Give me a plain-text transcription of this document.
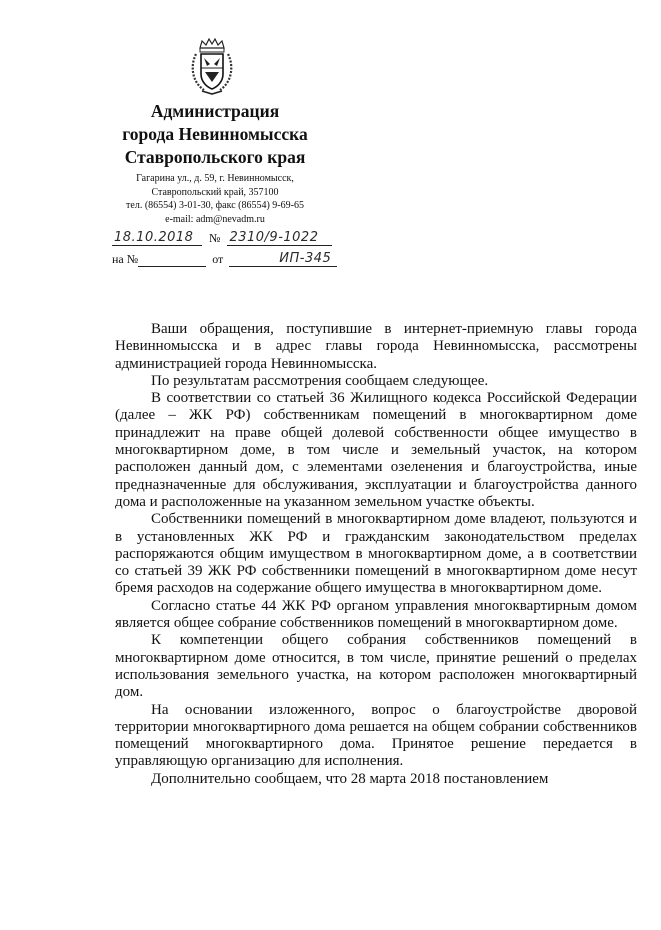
Администрация
города Невинномысска
Ставропольского края
Гагарина ул., д. 59, г. Невинномысск,
Ставропольский край, 357100
тел. (86554) 3-01-30, факс (86554) 9-69-65
e-mail: adm@nevadm.ru
18.10.2018 № 2310/9-1022
на №	от	ИП-345

Ваши обращения, поступившие в интернет-приемную главы города Невинномысска и в адрес главы города Невинномысска, рассмотрены администрацией города Невинномысска.

По результатам рассмотрения сообщаем следующее.

В соответствии со статьей 36 Жилищного кодекса Российской Федерации (далее – ЖК РФ) собственникам помещений в многоквартирном доме принадлежит на праве общей долевой собственности общее имущество в многоквартирном доме, в том числе и земельный участок, на котором расположен данный дом, с элементами озеленения и благоустройства, иные предназначенные для обслуживания, эксплуатации и благоустройства данного дома и расположенные на указанном земельном участке объекты.

Собственники помещений в многоквартирном доме владеют, пользуются и в установленных ЖК РФ и гражданским законодательством пределах распоряжаются общим имуществом в многоквартирном доме, а в соответствии со статьей 39 ЖК РФ собственники помещений в многоквартирном доме несут бремя расходов на содержание общего имущества в многоквартирном доме.

Согласно статье 44 ЖК РФ органом управления многоквартирным домом является общее собрание собственников помещений в многоквартирном доме.

К компетенции общего собрания собственников помещений в многоквартирном доме относится, в том числе, принятие решений о пределах использования земельного участка, на котором расположен многоквартирный дом.

На основании изложенного, вопрос о благоустройстве дворовой территории многоквартирного дома решается на общем собрании собственников помещений многоквартирного дома. Принятое решение передается в управляющую организацию для исполнения.

Дополнительно сообщаем, что 28 марта 2018 постановлением
